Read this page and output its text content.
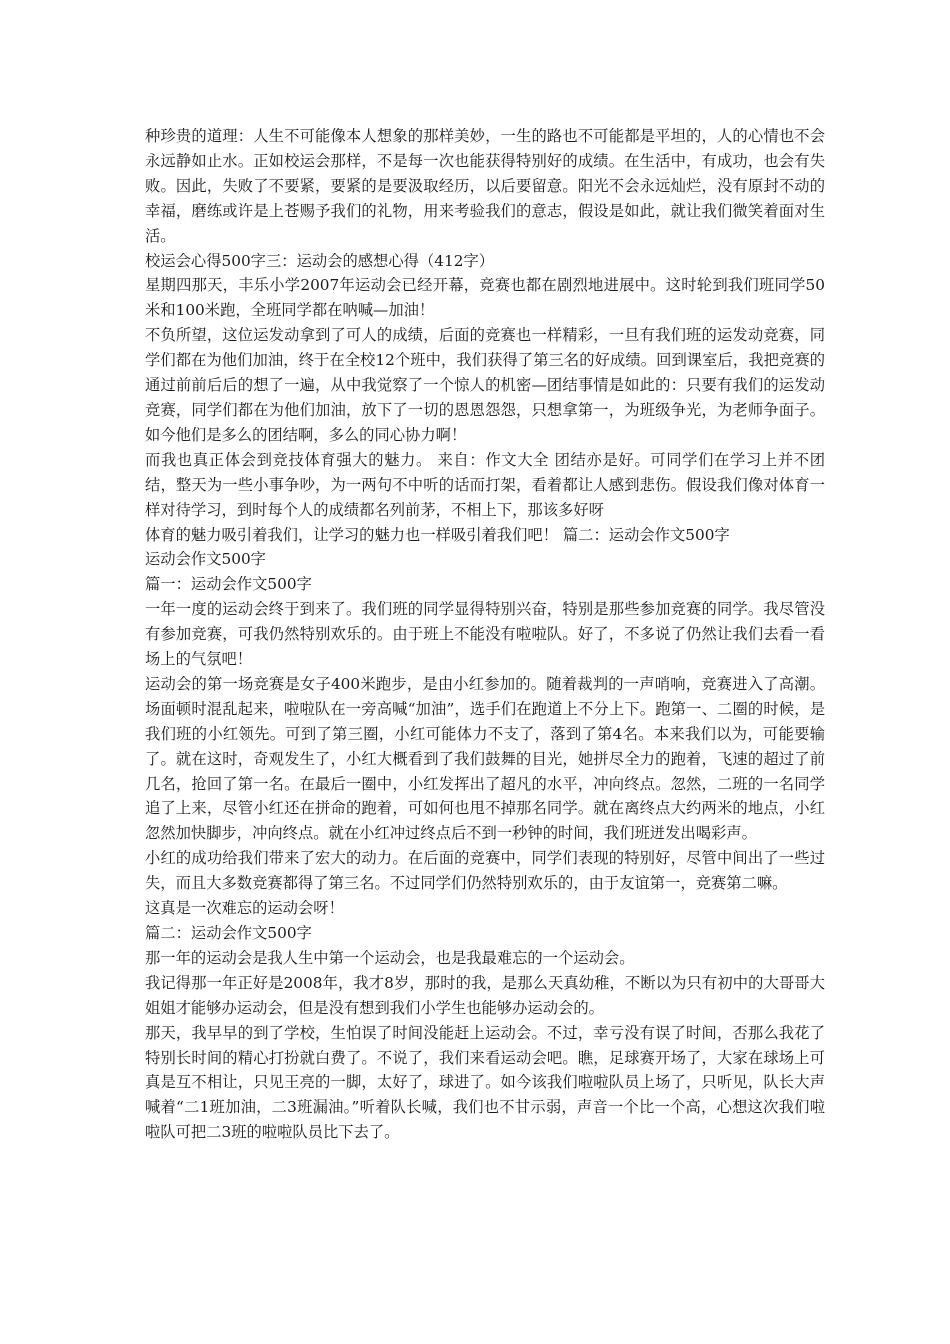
种珍贵的道理：人生不可能像本人想象的那样美妙，一生的路也不可能都是平坦的，人的心情也不会永远静如止水。正如校运会那样，不是每一次也能获得特别好的成绩。在生活中，有成功，也会有失败。因此，失败了不要紧，要紧的是要汲取经历，以后要留意。阳光不会永远灿烂，没有原封不动的幸福，磨练或许是上苍赐予我们的礼物，用来考验我们的意志，假设是如此，就让我们微笑着面对生活。

校运会心得500字三：运动会的感想心得（412字）

星期四那天，丰乐小学2007年运动会已经开幕，竞赛也都在剧烈地进展中。这时轮到我们班同学50米和100米跑，全班同学都在呐喊—加油！

不负所望，这位运发动拿到了可人的成绩，后面的竞赛也一样精彩，一旦有我们班的运发动竞赛，同学们都在为他们加油，终于在全校12个班中，我们获得了第三名的好成绩。回到课室后，我把竞赛的通过前前后后的想了一遍，从中我觉察了一个惊人的机密—团结事情是如此的：只要有我们的运发动竞赛，同学们都在为他们加油，放下了一切的恩恩怨怨，只想拿第一，为班级争光，为老师争面子。如今他们是多么的团结啊，多么的同心协力啊！

而我也真正体会到竞技体育强大的魅力。 来自：作文大全 团结亦是好。可同学们在学习上并不团结，整天为一些小事争吵，为一两句不中听的话而打架，看着都让人感到悲伤。假设我们像对体育一样对待学习，到时每个人的成绩都名列前茅，不相上下，那该多好呀

体育的魅力吸引着我们，让学习的魅力也一样吸引着我们吧！ 篇二：运动会作文500字

运动会作文500字

篇一：运动会作文500字

一年一度的运动会终于到来了。我们班的同学显得特别兴奋，特别是那些参加竞赛的同学。我尽管没有参加竞赛，可我仍然特别欢乐的。由于班上不能没有啦啦队。好了，不多说了仍然让我们去看一看场上的气氛吧！

运动会的第一场竞赛是女子400米跑步，是由小红参加的。随着裁判的一声哨响，竞赛进入了高潮。场面顿时混乱起来，啦啦队在一旁高喊“加油”，选手们在跑道上不分上下。跑第一、二圈的时候，是我们班的小红领先。可到了第三圈，小红可能体力不支了，落到了第4名。本来我们以为，可能要输了。就在这时，奇观发生了，小红大概看到了我们鼓舞的目光，她拼尽全力的跑着，飞速的超过了前几名，抢回了第一名。在最后一圈中，小红发挥出了超凡的水平，冲向终点。忽然，二班的一名同学追了上来，尽管小红还在拼命的跑着，可如何也甩不掉那名同学。就在离终点大约两米的地点，小红忽然加快脚步，冲向终点。就在小红冲过终点后不到一秒钟的时间，我们班迸发出喝彩声。

小红的成功给我们带来了宏大的动力。在后面的竞赛中，同学们表现的特别好，尽管中间出了一些过失，而且大多数竞赛都得了第三名。不过同学们仍然特别欢乐的，由于友谊第一，竞赛第二嘛。

这真是一次难忘的运动会呀！

篇二：运动会作文500字

那一年的运动会是我人生中第一个运动会，也是我最难忘的一个运动会。

我记得那一年正好是2008年，我才8岁，那时的我，是那么天真幼稚，不断以为只有初中的大哥哥大姐姐才能够办运动会，但是没有想到我们小学生也能够办运动会的。

那天，我早早的到了学校，生怕误了时间没能赶上运动会。不过，幸亏没有误了时间，否那么我花了特别长时间的精心打扮就白费了。不说了，我们来看运动会吧。瞧，足球赛开场了，大家在球场上可真是互不相让，只见王亮的一脚，太好了，球进了。如今该我们啦啦队员上场了，只听见，队长大声喊着“二1班加油，二3班漏油。”听着队长喊，我们也不甘示弱，声音一个比一个高，心想这次我们啦啦队可把二3班的啦啦队员比下去了。
